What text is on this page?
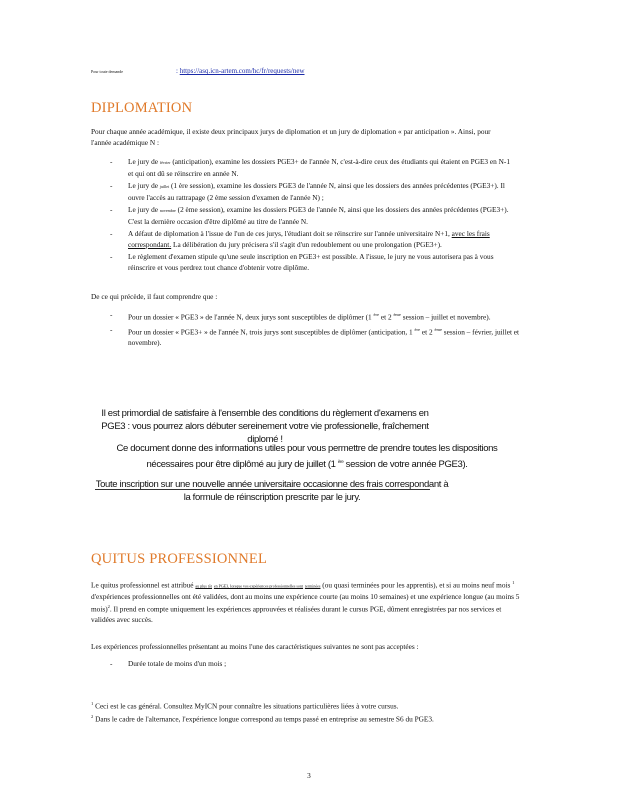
Pour toute demande	: https://asq.icn-artem.com/hc/fr/requests/new
DIPLOMATION
Pour chaque année académique, il existe deux principaux jurys de diplomation et un jury de diplomation « par anticipation ». Ainsi, pour l'année académique N :
- Le jury de février (anticipation), examine les dossiers PGE3+ de l'année N, c'est-à-dire ceux des étudiants qui étaient en PGE3 en N-1 et qui ont dû se réinscrire en année N.
- Le jury de juillet (1 ère session), examine les dossiers PGE3 de l'année N, ainsi que les dossiers des années précédentes (PGE3+). Il ouvre l'accès au rattrapage (2 ème session d'examen de l'année N) ;
- Le jury de novembre (2 ème session), examine les dossiers PGE3 de l'année N, ainsi que les dossiers des années précédentes (PGE3+). C'est la dernière occasion d'être diplômé au titre de l'année N.
- A défaut de diplomation à l'issue de l'un de ces jurys, l'étudiant doit se réinscrire sur l'année universitaire N+1, avec les frais correspondant. La délibération du jury précisera s'il s'agit d'un redoublement ou une prolongation (PGE3+).
- Le règlement d'examen stipule qu'une seule inscription en PGE3+ est possible. A l'issue, le jury ne vous autorisera pas à vous réinscrire et vous perdrez tout chance d'obtenir votre diplôme.
De ce qui précède, il faut comprendre que :
- Pour un dossier « PGE3 » de l'année N, deux jurys sont susceptibles de diplômer (1 $^{ère}$ et 2 $^{ème}$ session – juillet et novembre).
- Pour un dossier « PGE3+ » de l'année N, trois jurys sont susceptibles de diplômer (anticipation, 1 $^{ère}$ et 2 $^{ème}$ session – février, juillet et novembre).
Il est primordial de satisfaire à l'ensemble des conditions du règlement d'examens en PGE3 : vous pourrez alors débuter sereinement votre vie professionelle, fraîchement diplomé !
Ce document donne des informations utiles pour vous permettre de prendre toutes les dispositions nécessaires pour être diplômé au jury de juillet (1 $^{ère}$ session de votre année PGE3).
Toute inscription sur une nouvelle année universitaire occasionne des frais correspondant à la formule de réinscription prescrite par le jury.
QUITUS PROFESSIONNEL
Le quitus professionnel est attribué au plus tôt en PGE3, lorsque vos expériences professionnelles sont terminées (ou quasi terminées pour les apprentis), et si au moins neuf mois $^1$ d'expériences professionnelles ont été validées, dont au moins une expérience courte (au moins 10 semaines) et une expérience longue (au moins 5 mois)$^2$. Il prend en compte uniquement les expériences approuvées et réalisées durant le cursus PGE, dûment enregistrées par nos services et validées avec succès.
Les expériences professionnelles présentant au moins l'une des caractéristiques suivantes ne sont pas acceptées :
- Durée totale de moins d'un mois ;
$^1$ Ceci est le cas général. Consultez MyICN pour connaître les situations particulières liées à votre cursus.
$^2$ Dans le cadre de l'alternance, l'expérience longue correspond au temps passé en entreprise au semestre S6 du PGE3.
3
